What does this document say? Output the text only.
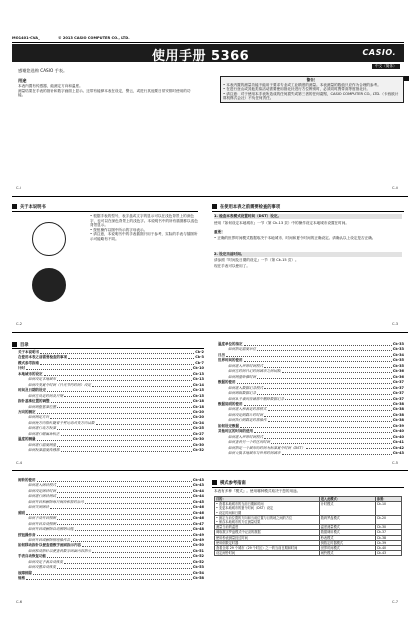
MO1401-CVA_	© 2013 CASIO COMPUTER CO., LTD.
使用手册 5366	CASIO.
中文（简体）
感谢您选购 CASIO 手表。
用途
本表内置有传感器，能测定方向和温度。
测量结果在手表的指针和数字画面上显示。还带有能够本表在设定，警云，或进行其他要日常安排时使用的功能。
警告！
• 本表内置的测量功能不能用于要求专业或工业精度的测量。本表测量的数值只应作为合理的参考。
• 在进行登山或其他类似活动需要使用指北针进行方位辨别时，必须同时携带高等度指北针。
• 请注意：对于使用本手表所造成的任何损失或第三者的任何索赔，CASIO COMPUTER CO., LTD.（卡西欧计算机株式会社）不负任何责任。
C-i	C-ii
关于本说明书
• 根据手表的型号，表字盘或文字的显示可以在浅色背景上的深色字，也可以在深色背景上的浅色字。本说明书中的所有插图都以浅色背景显示。
• 按钮操作以图中所示的字母表示。
• 请注意，本说明书中的手表插图只用于参考，实际的手表与插图所示可能略有不同。
在使用本表之前需要检查的事项
1. 检查本表模式设置时间（DST）设定。
使用『如何设定本地城市』一节（第 Ck-13 页）中的操作设定本地城市设置在时间。
重要！
• 正确的世界时间模式数据取决于本地城市、时间和夏令时间的正确设定。请确认以上设定是否正确。
2. 设定当前时间。
请参照『时间及日期的设定』一节（第 Ck-15 页）。
现在手表可以使用了。
C-2	C-3
目录
关于本说明书	Ck-2
在使用本表之前需要检查的事项	Ck-3
模式参考指南	Ck-7
计时	Ck-10
本地城市的设定	Ck-13
如何设定本地城市	Ck-13
如何改变夏令时间（日光节约时间）设定	Ck-14
时间及日期的设定	Ck-15
如何在设定时间及日期	Ck-15
指针基准位置的调整	Ck-18
如何调整基准位置	Ck-18
方向的测定	Ck-20
如何测定方向	Ck-20
如何使方向指针随着手臂运动改变方向读数	Ck-24
如何进行北方校准	Ck-25
如何进行磁偏角校正	Ck-27
温度的测量	Ck-30
如何进行温度测量	Ck-30
如何校准温度传感器	Ck-32
温度单位的指定	Ck-33
如何指定温度单位	Ck-33
日历	Ck-34
世界时间的使用	Ck-35
如何进入世界时间模式	Ck-35
如何在时间日记时间城市之间切换	Ck-36
如何测量哈佛时间	Ck-36
数据的使用	Ck-37
如何进入数据记录模式	Ck-37
如何调取数据记录	Ck-37
如何从手表的存储器中删除数据记录	Ck-37
数据说明的使用	Ck-38
如何进入秒表定时器模式	Ck-38
如何设定倒数计时时间	Ck-38
如何执行倒数定时器操作	Ck-38
如何设定数据	Ck-39
其他时区的时间的使用	Ck-40
如何进入世界时间模式	Ck-40
如何查看另一个时区的时间	Ck-41
如何指定一个城市的时间为标准夏令时间（DST）	Ck-42
如何交换本地城市与世界时间城市	Ck-43
C-4	C-5
闹铃的使用	Ck-43
如何进入闹铃模式	Ck-43
如何设定闹铃时间	Ck-44
如何进行闹铃测试	Ck-44
如何开启和解除每日闹铃和报时信号	Ck-45
如何关闭闹铃	Ck-46
照明	Ck-46
如何手动开启照明	Ck-46
如何开启自动照明	Ck-47
如何开启或解除自动照明功能	Ck-48
按钮操作音	Ck-49
如何开启或解除按钮操作音	Ck-49
如何移动指针以便查看数字画面指示内容	Ck-50
如何移动指针以便查看数字画面内容指示	Ck-51
手表自动恢复功能	Ck-52
如何设定手表自动恢复	Ck-52
如何设置自动恢复	Ck-53
故障排除	Ck-54
规格	Ck-58
模式参考指南
本表有多种『模式』。使用哪种模式取决于您的用途。
目的：	进入此模式：	参照：
• 查看本地城市的当前日期和时间
• 变更本地城市的夏令时间（DST）设定
• 设定时间和日期	计时模式	Ck-10
• 测定当前位置的方向和当前位置与目的地之间的方位
• 保存本地城市的方位测量结果	数码罗盘模式	Ck-20
测量当前的温度	温度测量模式	Ck-30
调取数字罗盘模式中记录的数据	数据调用模式	Ck-37
使用秒表测量经过时间	秒表模式	Ck-38
使用倒数定时器	倒数定时器模式	Ck-39
查看全球 29 个城市（29 个时区）之一的当前日期和时间	世界时间模式	Ck-40
设定闹铃时间	闹铃模式	Ck-43
C-6	C-7
